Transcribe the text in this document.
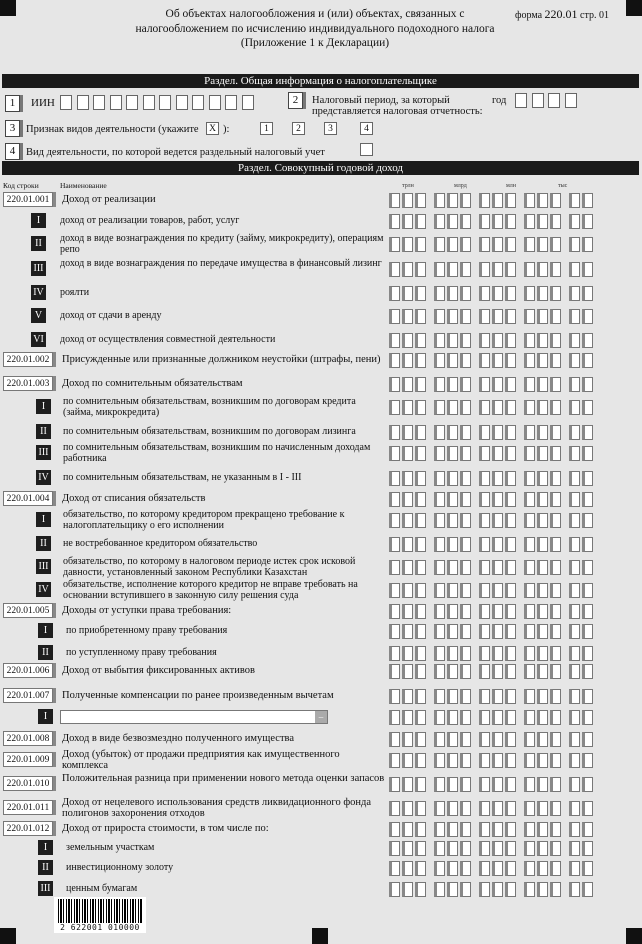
Об объектах налогообложения и (или) объектах, связанных с
налогообложением по исчислению индивидуального подоходного налога
(Приложение 1 к Декларации)
форма 220.01 стр. 01
Раздел. Общая информация о налогоплательщике
1	ИИН	2	Налоговый период, за который
представляется налоговая отчетность:
год
3	Признак видов деятельности (укажите	X ):	1	2	3	4
4	Вид деятельности, по которой ведется раздельный налоговый учет
Раздел. Совокупный годовой доход
Код строки	Наименование	трлн	млрд	млн	тыс
220.01.001	Доход от реализации
I	доход от реализации товаров, работ, услуг
II	доход в виде вознаграждения по кредиту (займу, микрокредиту), операциям репо
III доход в виде вознаграждения по передаче имущества в финансовый лизинг
IV роялти
V	доход от сдачи в аренду
VI доход от осуществления совместной деятельности
220.01.002	Присужденные или признанные должником неустойки (штрафы, пени)
220.01.003	Доход по сомнительным обязательствам
I	по сомнительным обязательствам, возникшим по договорам кредита (займа, микрокредита)
II	по сомнительным обязательствам, возникшим по договорам лизинга
III по сомнительным обязательствам, возникшим по начисленным доходам работника
IV по сомнительным обязательствам, не указанным в I - III
220.01.004	Доход от списания обязательств
I	обязательство, по которому кредитором прекращено требование к налогоплательщику о его исполнении
II	не востребованное кредитором обязательство
III обязательство, по которому в налоговом периоде истек срок исковой давности, установленный законом Республики Казахстан
IV обязательстве, исполнение которого кредитор не вправе требовать на основании вступившего в законную силу решения суда
220.01.005	Доходы от уступки права требования:
I	по приобретенному праву требования
II	по уступленному праву требования
220.01.006	Доход от выбытия фиксированных активов
220.01.007	Полученные компенсации по ранее произведенным вычетам
I	–
220.01.008	Доход в виде безвозмездно полученного имущества
220.01.009	Доход (убыток) от продажи предприятия как имущественного комплекса
220.01.010	Положительная разница при применении нового метода оценки запасов
220.01.011	Доход от нецелевого использования средств ликвидационного фонда полигонов захоронения отходов
220.01.012	Доход от прироста стоимости, в том числе по:
I	земельным участкам
II	инвестиционному золоту
III ценным бумагам
2 622001 010000
